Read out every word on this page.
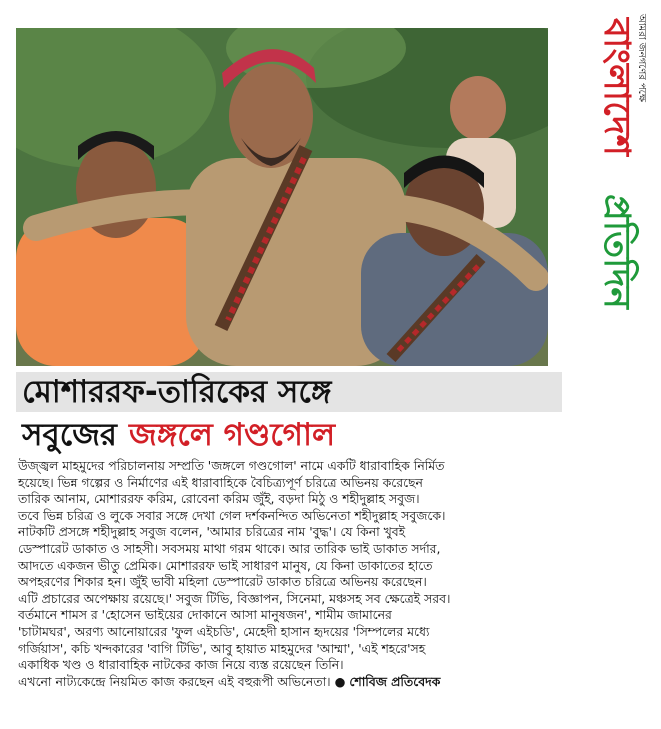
আমরা জনগণের পক্ষে
বাংলাদেশ
প্রতিদিন
মোশাররফ-তারিকের সঙ্গে
সবুজের জঙ্গলে গণ্ডগোল

উজ্জ্বল মাহমুদের পরিচালনায় সম্প্রতি 'জঙ্গলে গণ্ডগোল' নামে একটি ধারাবাহিক নির্মিত

হয়েছে। ভিন্ন গল্পের ও নির্মাণের এই ধারাবাহিকে বৈচিত্র্যপূর্ণ চরিত্রে অভিনয় করেছেন

তারিক আনাম, মোশাররফ করিম, রোবেনা করিম জুঁই, বড়দা মিঠু ও শহীদুল্লাহ সবুজ।

তবে ভিন্ন চরিত্র ও লুকে সবার সঙ্গে দেখা গেল দর্শকনন্দিত অভিনেতা শহীদুল্লাহ সবুজকে।

নাটকটি প্রসঙ্গে শহীদুল্লাহ সবুজ বলেন, 'আমার চরিত্রের নাম 'বুদ্ধ'। যে কিনা খুবই

ডেস্পারেট ডাকাত ও সাহসী। সবসময় মাথা গরম থাকে। আর তারিক ভাই ডাকাত সর্দার,

আদতে একজন ভীতু প্রেমিক। মোশাররফ ভাই সাধারণ মানুষ, যে কিনা ডাকাতের হাতে

অপহরণের শিকার হন। জুঁই ভাবী মহিলা ডেস্পারেট ডাকাত চরিত্রে অভিনয় করেছেন।

এটি প্রচারের অপেক্ষায় রয়েছে।' সবুজ টিভি, বিজ্ঞাপন, সিনেমা, মঞ্চসহ সব ক্ষেত্রেই সরব।

বর্তমানে শামস র 'হোসেন ভাইয়ের দোকানে আসা মানুষজন', শামীম জামানের

'চাটামঘর', অরণ্য আনোয়ারের 'ফুল এইচডি', মেহেদী হাসান হৃদয়ের 'সিম্পলের মধ্যে

গর্জিয়াস', কচি খন্দকারের 'বাগি টিভি', আবু হায়াত মাহমুদের 'আম্মা', 'এই শহরে'সহ

একাধিক খণ্ড ও ধারাবাহিক নাটকের কাজ নিয়ে ব্যস্ত রয়েছেন তিনি।

এখনো নাট্যকেন্দ্রে নিয়মিত কাজ করছেন এই বহুরূপী অভিনেতা। ● শোবিজ প্রতিবেদক
